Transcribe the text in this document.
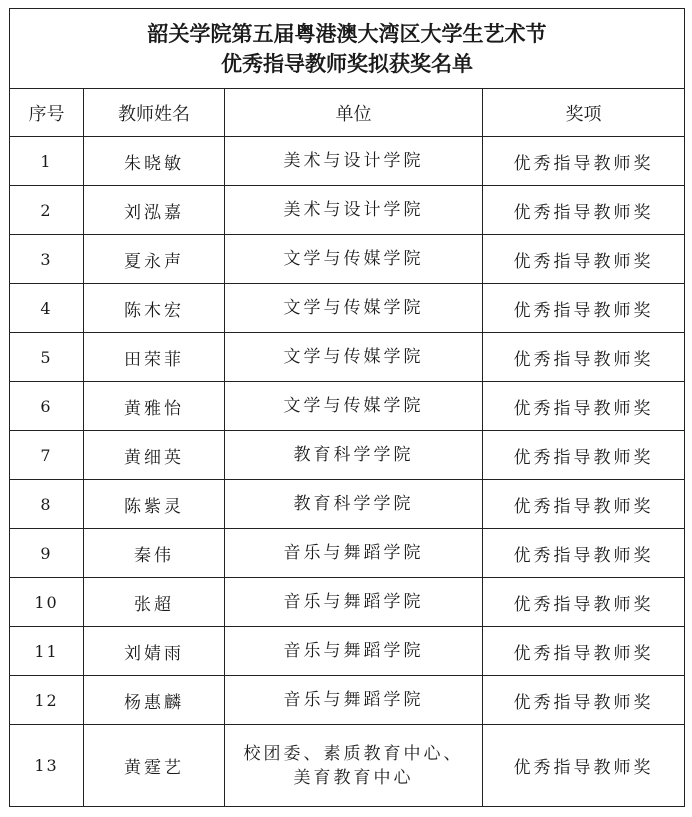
韶关学院第五届粤港澳大湾区大学生艺术节
优秀指导教师奖拟获奖名单			

序号	教师姓名	单位	奖项
1	朱晓敏	美术与设计学院	优秀指导教师奖
2	刘泓嘉	美术与设计学院	优秀指导教师奖
3	夏永声	文学与传媒学院	优秀指导教师奖
4	陈木宏	文学与传媒学院	优秀指导教师奖
5	田荣菲	文学与传媒学院	优秀指导教师奖
6	黄雅怡	文学与传媒学院	优秀指导教师奖
7	黄细英	教育科学学院	优秀指导教师奖
8	陈紫灵	教育科学学院	优秀指导教师奖
9	秦伟	音乐与舞蹈学院	优秀指导教师奖
10	张超	音乐与舞蹈学院	优秀指导教师奖
11	刘婧雨	音乐与舞蹈学院	优秀指导教师奖
12	杨惠麟	音乐与舞蹈学院	优秀指导教师奖
13	黄霆艺	校团委、素质教育中心、
美育教育中心	优秀指导教师奖
